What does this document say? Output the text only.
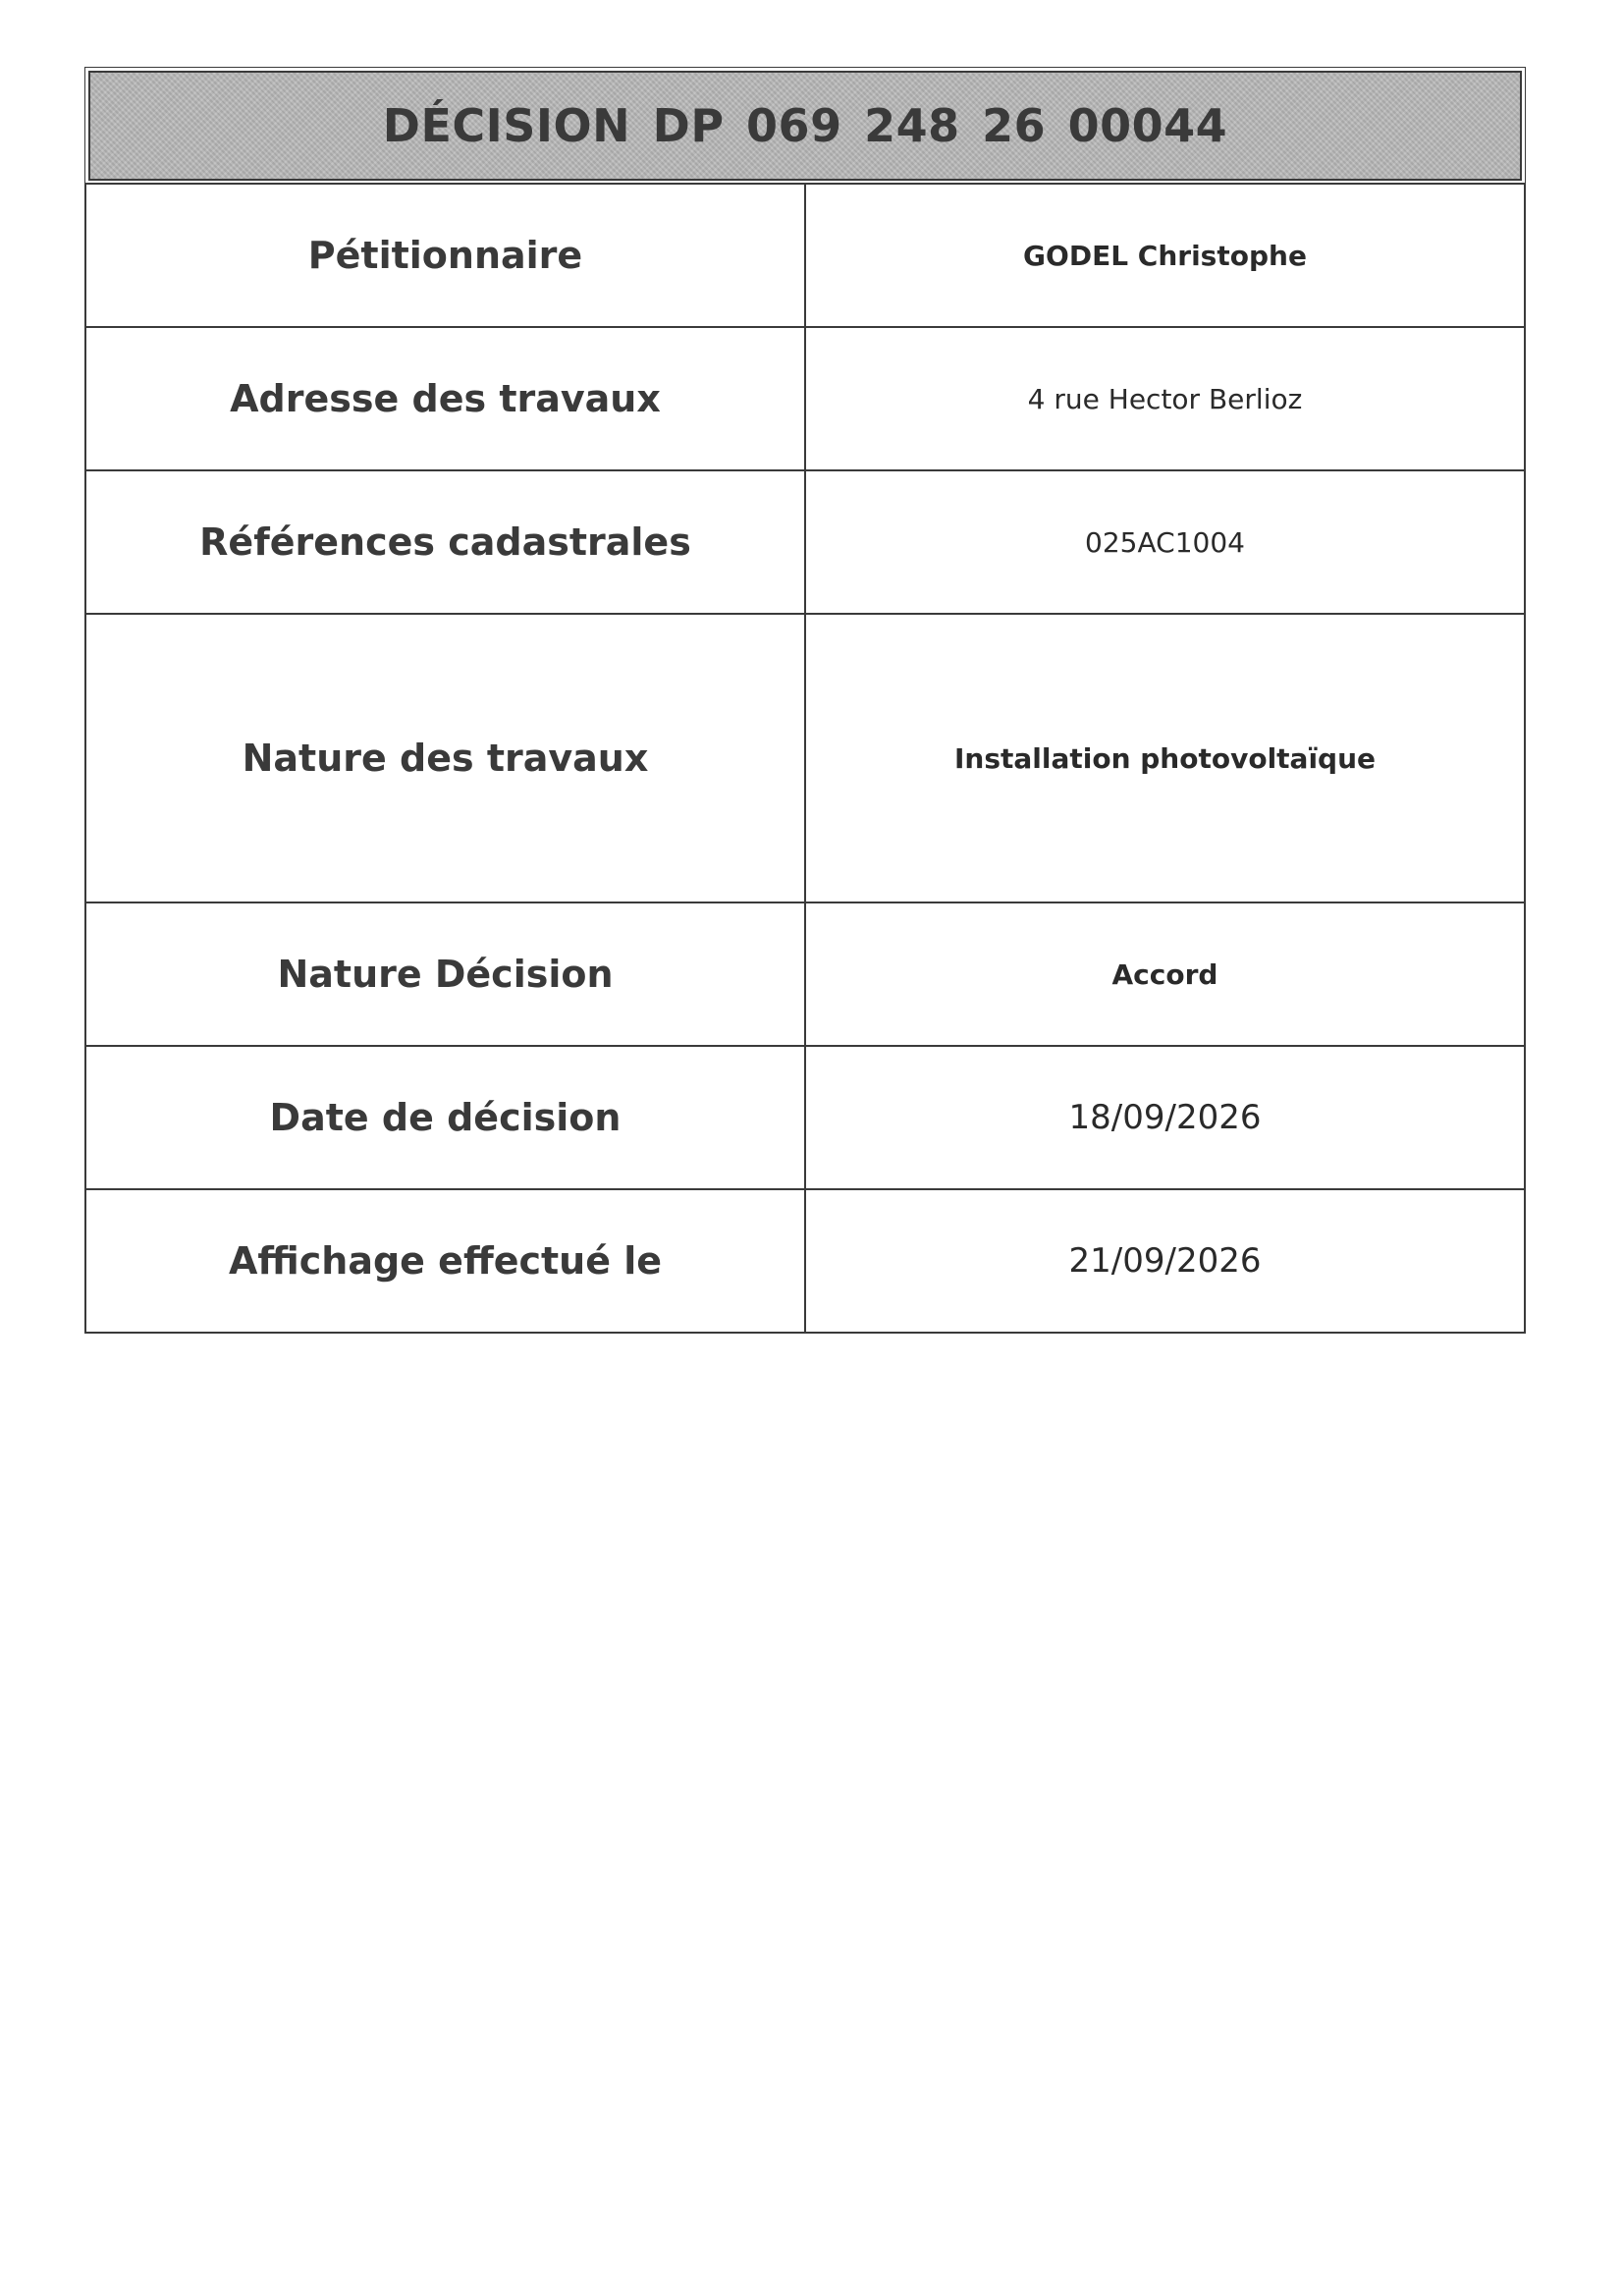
DÉCISION DP 069 248 26 00044
Pétitionnaire	GODEL Christophe
Adresse des travaux	4 rue Hector Berlioz
Références cadastrales	025AC1004
Nature des travaux	Installation photovoltaïque
Nature Décision	Accord
Date de décision	18/09/2026
Affichage effectué le	21/09/2026
